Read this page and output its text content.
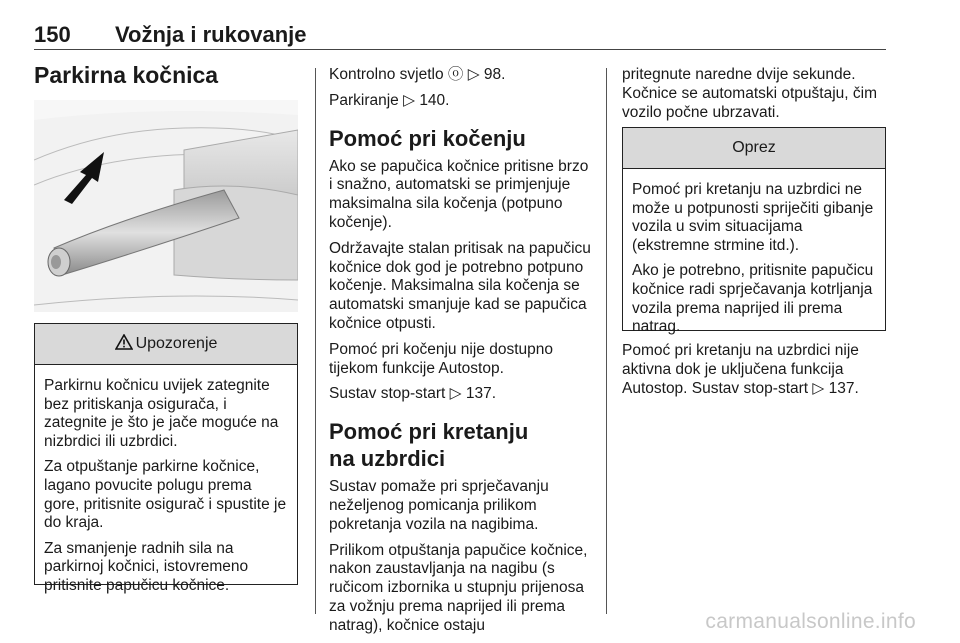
150 Vožnja i rukovanje
Parkirna kočnica
Upozorenje

Parkirnu kočnicu uvijek zategnite bez pritiskanja osigurača, i zategnite je što je jače moguće na nizbrdici ili uzbrdici.

Za otpuštanje parkirne kočnice, lagano povucite polugu prema gore, pritisnite osigurač i spustite je do kraja.

Za smanjenje radnih sila na parkirnoj kočnici, istovremeno pritisnite papučicu kočnice.

Kontrolno svjetlo ⓞ ▷ 98.

Parkiranje ▷ 140.

Pomoć pri kočenju

Ako se papučica kočnice pritisne brzo i snažno, automatski se primjenjuje maksimalna sila kočenja (potpuno kočenje).

Održavajte stalan pritisak na papučicu kočnice dok god je potrebno potpuno kočenje. Maksimalna sila kočenja se automatski smanjuje kad se papučica kočnice otpusti.

Pomoć pri kočenju nije dostupno tijekom funkcije Autostop.

Sustav stop-start ▷ 137.

Pomoć pri kretanju na uzbrdici

Sustav pomaže pri sprječavanju neželjenog pomicanja prilikom pokretanja vozila na nagibima.

Prilikom otpuštanja papučice kočnice, nakon zaustavljanja na nagibu (s ručicom izbornika u stupnju prijenosa za vožnju prema naprijed ili prema natrag), kočnice ostaju

pritegnute naredne dvije sekunde. Kočnice se automatski otpuštaju, čim vozilo počne ubrzavati.

Oprez

Pomoć pri kretanju na uzbrdici ne može u potpunosti spriječiti gibanje vozila u svim situacijama (ekstremne strmine itd.).

Ako je potrebno, pritisnite papučicu kočnice radi sprječavanja kotrljanja vozila prema naprijed ili prema natrag.

Pomoć pri kretanju na uzbrdici nije aktivna dok je uključena funkcija Autostop. Sustav stop-start ▷ 137.

carmanualsonline.info
